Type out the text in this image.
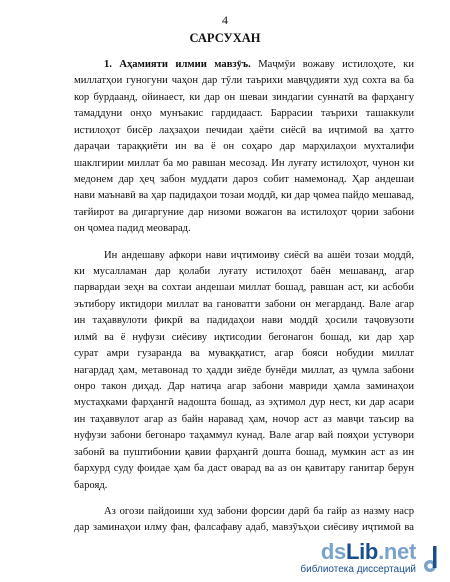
4
САРСУХАН
1. Аҳамияти илмии мавзӯъ. Маҷмӯи вожаву истилоҳоте, ки
миллатҳои гуногуни чаҳон дар тӯли таърихи мавҷудияти худ сохта ва ба
кор бурдаанд, ойинаест, ки дар он шеваи зиндагии суннатӣ ва фарҳангу
тамаддуни онҳо мунъакис гардидааст. Баррасии таърихи ташаккули
истилоҳот бисёр лаҳзаҳои печидаи ҳаёти сиёсӣ ва иҷтимоӣ ва ҳатто
дараҷаи тараққиёти ин ва ё он соҳаро дар марҳилаҳои мухталифи
шаклгирии миллат ба мо равшан месозад. Ин луғату истилоҳот, чунон ки
медонем дар ҳеҷ забон муддати дароз собит намемонад. Ҳар андешаи
нави маънавӣ ва ҳар падидаҳои тозаи моддӣ, ки дар ҷомеа пайдо мешавад,
тағйирот ва дигаргуние дар низоми вожагон ва истилоҳот ҷории забони
он ҷомеа падид меоварад.
Ин андешаву афкори нави иҷтимоиву сиёсӣ ва ашёи тозаи моддӣ,
ки мусалламан дар қолаби луғату истилоҳот баён мешаванд, агар
парвардаи зеҳн ва сохтаи андешаи миллат бошад, равшан аст, ки асбоби
эътибору иктидори миллат ва гановатги забони он мегарданд. Вале агар
ин таҳаввулоти фикрӣ ва падидаҳои нави моддӣ ҳосили таҷовузоти
илмӣ ва ё нуфузи сиёсиву иқтисодии бегонагон бошад, ки дар ҳар
сурат амри гузаранда ва муваққатист, агар бояси нобудии миллат
нагардад ҳам, метавонад то ҳадди зиёде бунёди миллат, аз ҷумла забони
онро такон диҳад. Дар натиҷа агар забони мавриди ҳамла заминаҳои
мустаҳками фарҳангӣ надошта бошад, аз эҳтимол дур нест, ки дар асари
ин таҳаввулот агар аз байн наравад ҳам, ночор аст аз мавҷи таъсир ва
нуфузи забони бегонаро таҳаммул кунад. Вале агар вай пояҳои устувори
забонӣ ва пуштибонии қавии фарҳангӣ дошта бошад, мумкин аст аз ин
бархурд суду фоидае ҳам ба даст оварад ва аз он қавитару ганитар берун
бароя̣д.
Аз огози пайдоиши худ забони форсии дарӣ ба гайр аз назму наср
дар заминаҳои илму фан, фалсафаву адаб, мавзӯъҳои сиёсиву иҷтимоӣ ва
dsLib.net
библиотека диссертаций
